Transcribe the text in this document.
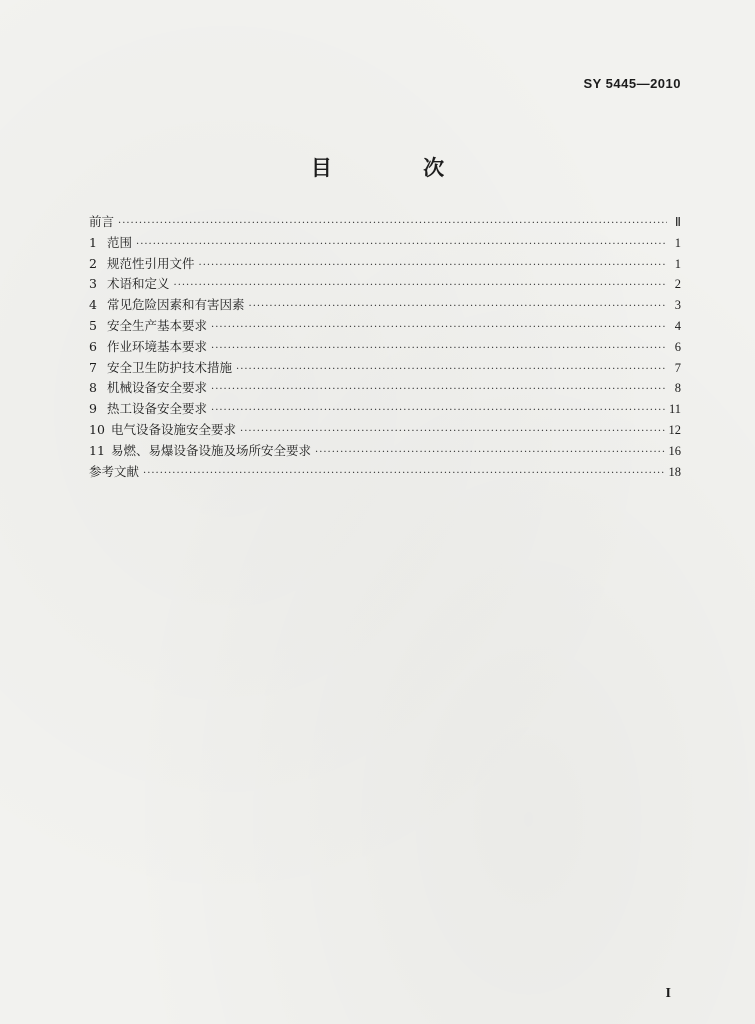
SY 5445—2010
目 次
前言 ·····	Ⅱ
1 范围 ·····	1
2 规范性引用文件 ·····	1
3 术语和定义 ·····	2
4 常见危险因素和有害因素 ·····	3
5 安全生产基本要求 ·····	4
6 作业环境基本要求 ·····	6
7 安全卫生防护技术措施 ·····	7
8 机械设备安全要求 ·····	8
9 热工设备安全要求 ·····	11
10 电气设备设施安全要求 ·····	12
11 易燃、易爆设备设施及场所安全要求 ·····	16
参考文献 ·····	18
I
